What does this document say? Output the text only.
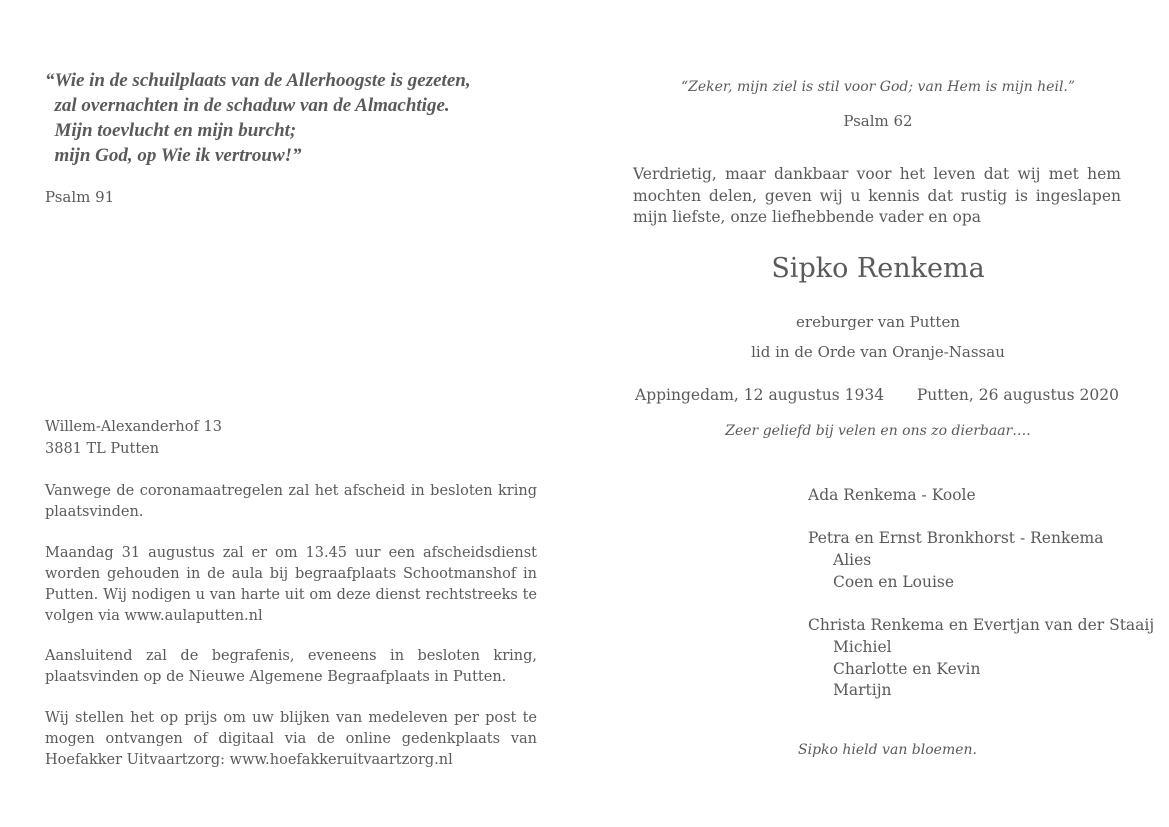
“Wie in de schuilplaats van de Allerhoogste is gezeten,
zal overnachten in de schaduw van de Almachtige.
Mijn toevlucht en mijn burcht;
mijn God, op Wie ik vertrouw!”
Psalm 91
Willem-Alexanderhof 13
3881 TL Putten
Vanwege de coronamaatregelen zal het afscheid in besloten kring plaatsvinden.
Maandag 31 augustus zal er om 13.45 uur een afscheidsdienst worden gehouden in de aula bij begraafplaats Schootmanshof in Putten. Wij nodigen u van harte uit om deze dienst rechtstreeks te volgen via www.aulaputten.nl
Aansluitend zal de begrafenis, eveneens in besloten kring, plaatsvinden op de Nieuwe Algemene Begraafplaats in Putten.
Wij stellen het op prijs om uw blijken van medeleven per post te mogen ontvangen of digitaal via de online gedenkplaats van Hoefakker Uitvaartzorg: www.hoefakkeruitvaartzorg.nl
“Zeker, mijn ziel is stil voor God; van Hem is mijn heil.”
Psalm 62
Verdrietig, maar dankbaar voor het leven dat wij met hem mochten delen, geven wij u kennis dat rustig is ingeslapen mijn liefste, onze liefhebbende vader en opa
Sipko Renkema
ereburger van Putten
lid in de Orde van Oranje-Nassau
Appingedam, 12 augustus 1934 Putten, 26 augustus 2020
Zeer geliefd bij velen en ons zo dierbaar….
Ada Renkema - Koole
Petra en Ernst Bronkhorst - Renkema
Alies
Coen en Louise
Christa Renkema en Evertjan van der Staaij
Michiel
Charlotte en Kevin
Martijn
Sipko hield van bloemen.
